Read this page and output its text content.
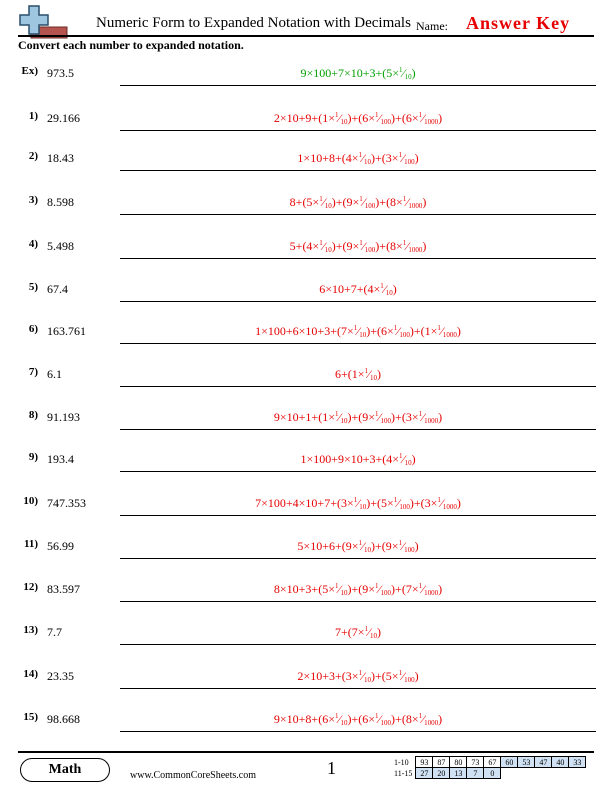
Numeric Form to Expanded Notation with Decimals Name: Answer Key
Convert each number to expanded notation.
Ex) 973.5	$9\times 100+7\times 10+3+(5\times^1⁄_{10})$
1) 29.166	$2\times 10+9+(1\times^1⁄_{10})+(6\times^1⁄_{100})+(6\times^1⁄_{1000})$
2) 18.43	$1\times 10+8+(4\times^1⁄_{10})+(3\times^1⁄_{100})$
3) 8.598	$8+(5\times^1⁄_{10})+(9\times^1⁄_{100})+(8\times^1⁄_{1000})$
4) 5.498	$5+(4\times^1⁄_{10})+(9\times^1⁄_{100})+(8\times^1⁄_{1000})$
5) 67.4	$6\times 10+7+(4\times^1⁄_{10})$
6) 163.761	$1\times 100+6\times 10+3+(7\times^1⁄_{10})+(6\times^1⁄_{100})+(1\times^1⁄_{1000})$
7) 6.1	$6+(1\times^1⁄_{10})$
8) 91.193	$9\times 10+1+(1\times^1⁄_{10})+(9\times^1⁄_{100})+(3\times^1⁄_{1000})$
9) 193.4	$1\times 100+9\times 10+3+(4\times^1⁄_{10})$
10) 747.353	$7\times 100+4\times 10+7+(3\times^1⁄_{10})+(5\times^1⁄_{100})+(3\times^1⁄_{1000})$
11) 56.99	$5\times 10+6+(9\times^1⁄_{10})+(9\times^1⁄_{100})$
12) 83.597	$8\times 10+3+(5\times^1⁄_{10})+(9\times^1⁄_{100})+(7\times^1⁄_{1000})$
13) 7.7	$7+(7\times^1⁄_{10})$
14) 23.35	$2\times 10+3+(3\times^1⁄_{10})+(5\times^1⁄_{100})$
15) 98.668	$9\times 10+8+(6\times^1⁄_{10})+(6\times^1⁄_{100})+(8\times^1⁄_{1000})$
Math	www.CommonCoreSheets.com	1	1-10	93	87	80	73	67	60	53	47	40	33
11-15	27	20	13	7	0					
